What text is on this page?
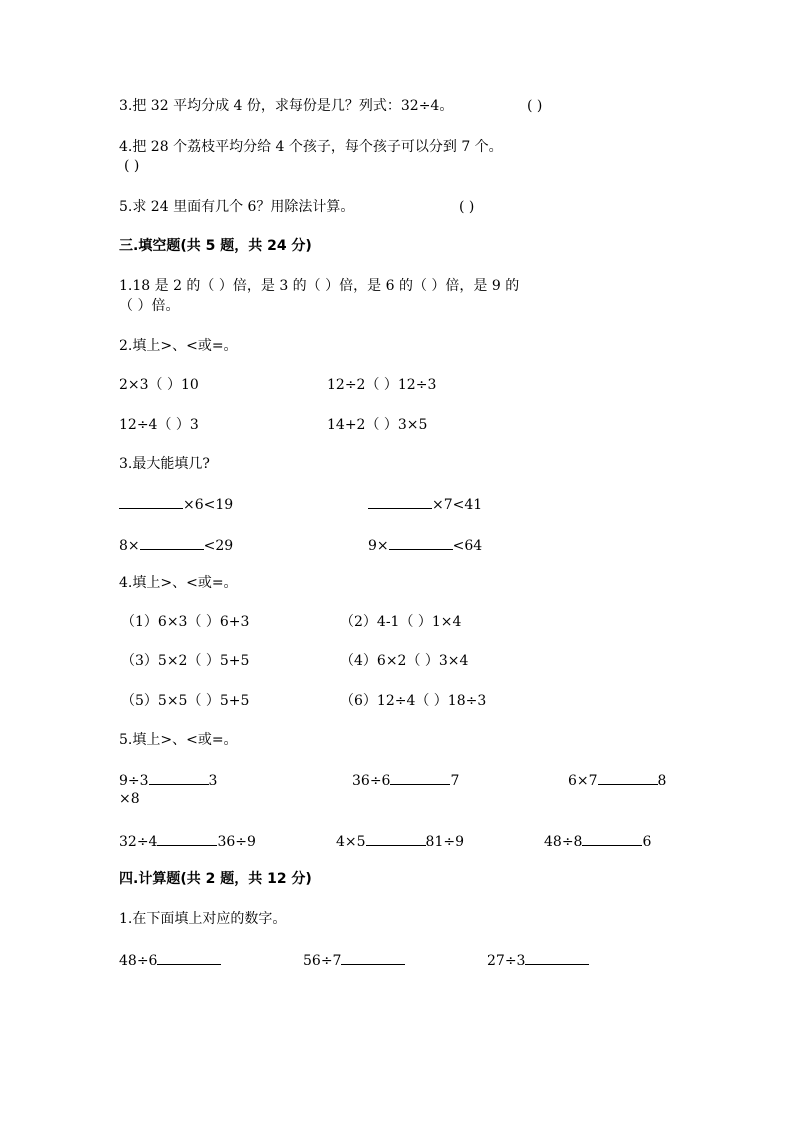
3.把 32 平均分成 4 份，求每份是几？列式：32÷4。	( )
4.把 28 个荔枝平均分给 4 个孩子，每个孩子可以分到 7 个。
( )
5.求 24 里面有几个 6？用除法计算。	( )
三.填空题(共 5 题，共 24 分)
1.18 是 2 的（ ）倍，是 3 的（ ）倍，是 6 的（ ）倍，是 9 的
（ ）倍。
2.填上>、<或=。
2×3（ ）10	12÷2（ ）12÷3
12÷4（ ）3	14+2（ ）3×5
3.最大能填几?
×6<19	×7<41
8×	<29	9×	<64
4.填上>、<或=。
（1）6×3（ ）6+3	（2）4-1（ ）1×4
（3）5×2（ ）5+5	（4）6×2（ ）3×4
（5）5×5（ ）5+5	（6）12÷4（ ）18÷3
5.填上>、<或=。
9÷3	3	36÷6	7	6×7	8
×8
32÷4	36÷9	4×5	81÷9	48÷8	6
四.计算题(共 2 题，共 12 分)
1.在下面填上对应的数字。
48÷6	56÷7	27÷3
